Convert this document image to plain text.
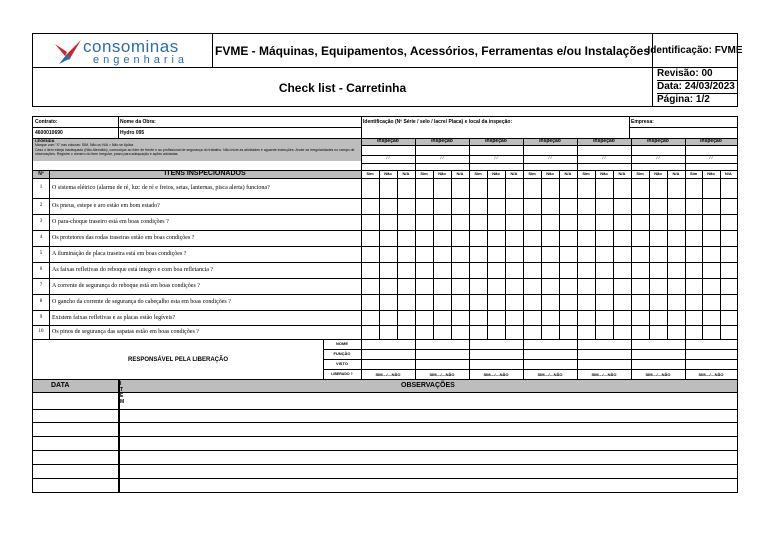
consominas
engenharia
FVME - Máquinas, Equipamentos, Acessórios, Ferramentas e/ou Instalações
Identificação: FVME
Check list - Carretinha
Revisão: 00
Data: 24/03/2023
Página: 1/2
Contrato:
4600010690
Nome da Obra:
Hydro 095
Identificação (Nº Série / selo / lacre/ Placa) e local da inspeção:	Empresa:
LEGENDA
Marque com "X" nas colunas: SIM, Não ou N/A = Não se Aplica
Caso o item esteja inadequado (Não Atendido), comunique ao líder de frente e ao profissional de segurança do trabalho. Não inicie as atividades e aguarde instruções. Anote as irregularidades no campo de observações. Registre o número do Item irregular, prazo para adequação e ações adotadas.
Inspeção
/ /
Sim	Não	N/A
Inspeção
/ /
Sim	Não	N/A
Inspeção
/ /
Sim	Não	N/A
Inspeção
/ /
Sim	Não	N/A
Inspeção
/ /
Sim	Não	N/A
Inspeção
/ /
Sim	Não	N/A
Inspeção
/ /
Sim	Não	N/A
Nº	ITENS INSPECIONADOS
1	O sistema elétrico (alarme de ré, luz: de ré e freios, setas, lanternas, pisca alerta) funciona?
2	Os pneus, estepe e aro estão em bom estado?
3	O para-choque traseiro está em boas condições ?
4	Os protetores das rodas traseiras estão em boas condições ?
5	A iluminação de placa traseira está em boas condições ?
6	As faixas refletivas do reboque está íntegro e com boa refletancia ?
7	A corrente de segurança do reboque está em boas condições ?
8	O gancho da corrente de segurança do cabeçalho esta em boas condições ?
9	Existem faixas refletivas e as placas estão legíveis?
10	Os pinos de segurança das sapatas estão em boas condições ?
RESPONSÁVEL PELA LIBERAÇÃO
NOME
FUNÇÃO
VISTO
LIBERADO ?	SIM---/---NÃO	SIM---/---NÃO	SIM---/---NÃO	SIM---/---NÃO	SIM---/---NÃO	SIM---/---NÃO	SIM---/---NÃO
DATA	ITEM
OBSERVAÇÕES
